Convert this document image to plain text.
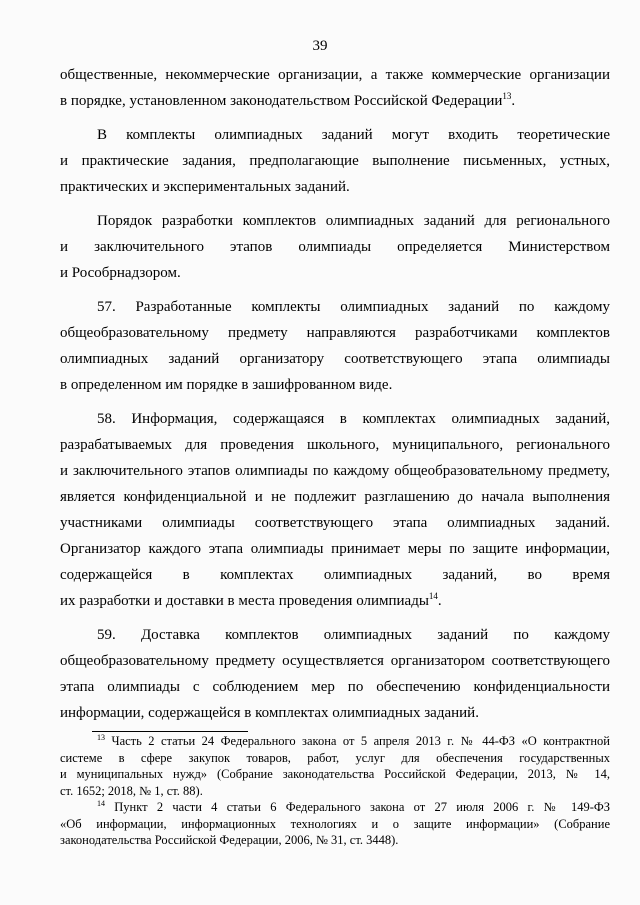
39
общественные, некоммерческие организации, а также коммерческие организации
в порядке, установленном законодательством Российской Федерации$^{13}$.
В комплекты олимпиадных заданий могут входить теоретические
и практические задания, предполагающие выполнение письменных, устных,
практических и экспериментальных заданий.
Порядок разработки комплектов олимпиадных заданий для регионального
и заключительного этапов олимпиады определяется Министерством
и Рособрнадзором.
57. Разработанные комплекты олимпиадных заданий по каждому
общеобразовательному предмету направляются разработчиками комплектов
олимпиадных заданий организатору соответствующего этапа олимпиады
в определенном им порядке в зашифрованном виде.
58. Информация, содержащаяся в комплектах олимпиадных заданий,
разрабатываемых для проведения школьного, муниципального, регионального
и заключительного этапов олимпиады по каждому общеобразовательному предмету,
является конфиденциальной и не подлежит разглашению до начала выполнения
участниками олимпиады соответствующего этапа олимпиадных заданий.
Организатор каждого этапа олимпиады принимает меры по защите информации,
содержащейся в комплектах олимпиадных заданий, во время
их разработки и доставки в места проведения олимпиады$^{14}$.
59. Доставка комплектов олимпиадных заданий по каждому
общеобразовательному предмету осуществляется организатором соответствующего
этапа олимпиады с соблюдением мер по обеспечению конфиденциальности
информации, содержащейся в комплектах олимпиадных заданий.
$^{13}$ Часть 2 статьи 24 Федерального закона от 5 апреля 2013 г. № 44-ФЗ «О контрактной
системе в сфере закупок товаров, работ, услуг для обеспечения государственных
и муниципальных нужд» (Собрание законодательства Российской Федерации, 2013, № 14,
ст. 1652; 2018, № 1, ст. 88).
$^{14}$ Пункт 2 части 4 статьи 6 Федерального закона от 27 июля 2006 г. № 149-ФЗ
«Об информации, информационных технологиях и о защите информации» (Собрание
законодательства Российской Федерации, 2006, № 31, ст. 3448).
